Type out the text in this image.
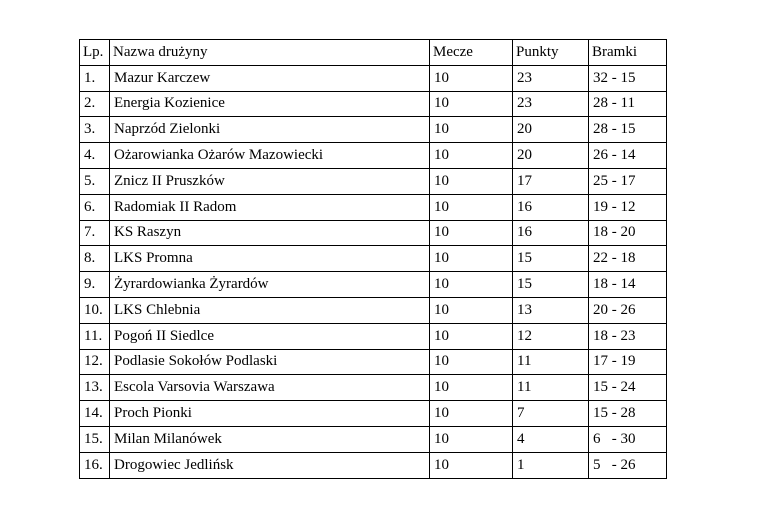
Lp.	Nazwa drużyny	Mecze	Punkty	Bramki
1.	Mazur Karczew	10	23	32 - 15
2.	Energia Kozienice	10	23	28 - 11
3.	Naprzód Zielonki	10	20	28 - 15
4.	Ożarowianka Ożarów Mazowiecki	10	20	26 - 14
5.	Znicz II Pruszków	10	17	25 - 17
6.	Radomiak II Radom	10	16	19 - 12
7.	KS Raszyn	10	16	18 - 20
8.	LKS Promna	10	15	22 - 18
9.	Żyrardowianka Żyrardów	10	15	18 - 14
10.	LKS Chlebnia	10	13	20 - 26
11.	Pogoń II Siedlce	10	12	18 - 23
12.	Podlasie Sokołów Podlaski	10	11	17 - 19
13.	Escola Varsovia Warszawa	10	11	15 - 24
14.	Proch Pionki	10	7	15 - 28
15.	Milan Milanówek	10	4	6   - 30
16.	Drogowiec Jedlińsk	10	1	5   - 26
